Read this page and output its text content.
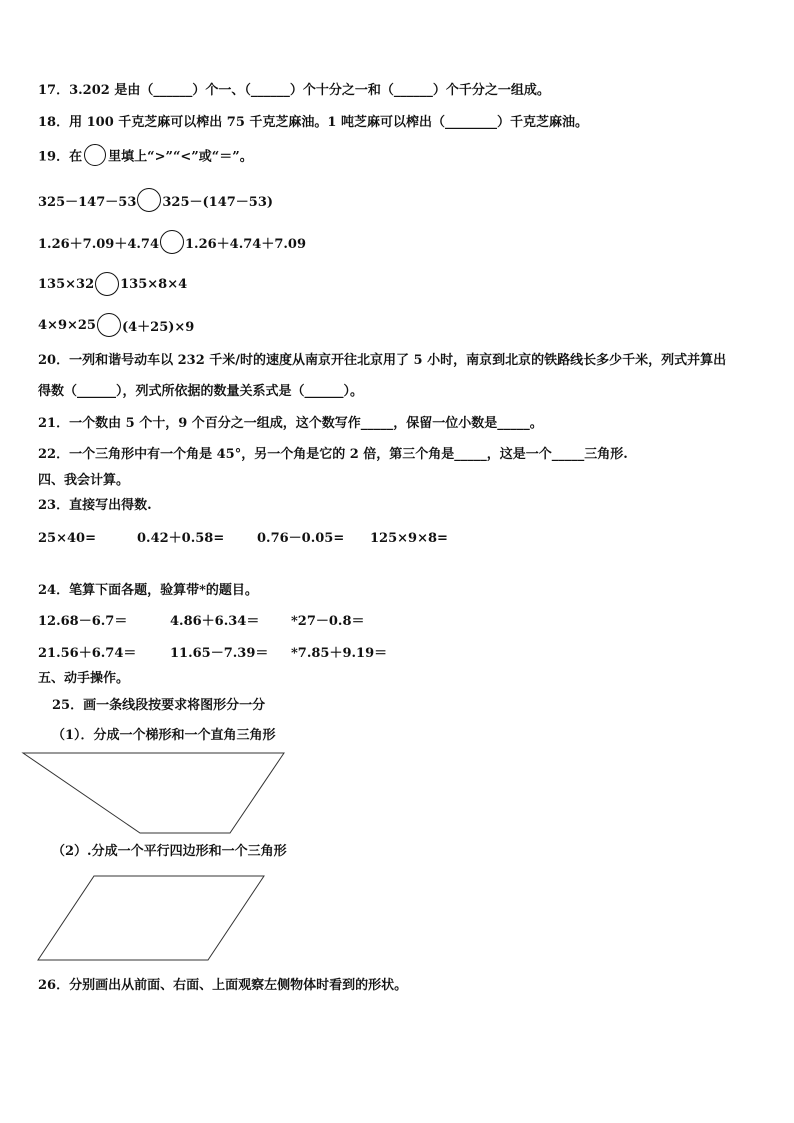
17．3.202 是由（______）个一、（______）个十分之一和（______）个千分之一组成。
18．用 100 千克芝麻可以榨出 75 千克芝麻油。1 吨芝麻可以榨出（________）千克芝麻油。
19．在 里填上“>”“<”或“＝”。
325－147－53 325－(147－53)
1.26＋7.09＋4.74 1.26＋4.74＋7.09
135×32 135×8×4
4×9×25 (4＋25)×9
20．一列和谐号动车以 232 千米/时的速度从南京开往北京用了 5 小时，南京到北京的铁路线长多少千米，列式并算出
得数（______），列式所依据的数量关系式是（______）。
21．一个数由 5 个十，9 个百分之一组成，这个数写作_____，保留一位小数是_____。
22．一个三角形中有一个角是 45°，另一个角是它的 2 倍，第三个角是_____，这是一个_____三角形.
四、我会计算。
23．直接写出得数.
25×40=	0.42＋0.58=	0.76－0.05= 125×9×8=
24．笔算下面各题，验算带*的题目。
12.68－6.7＝	4.86＋6.34＝ *27－0.8＝
21.56＋6.74＝	11.65－7.39＝ *7.85＋9.19＝
五、动手操作。
25．画一条线段按要求将图形分一分
（1）．分成一个梯形和一个直角三角形
（2）.分成一个平行四边形和一个三角形
26．分别画出从前面、右面、上面观察左侧物体时看到的形状。
